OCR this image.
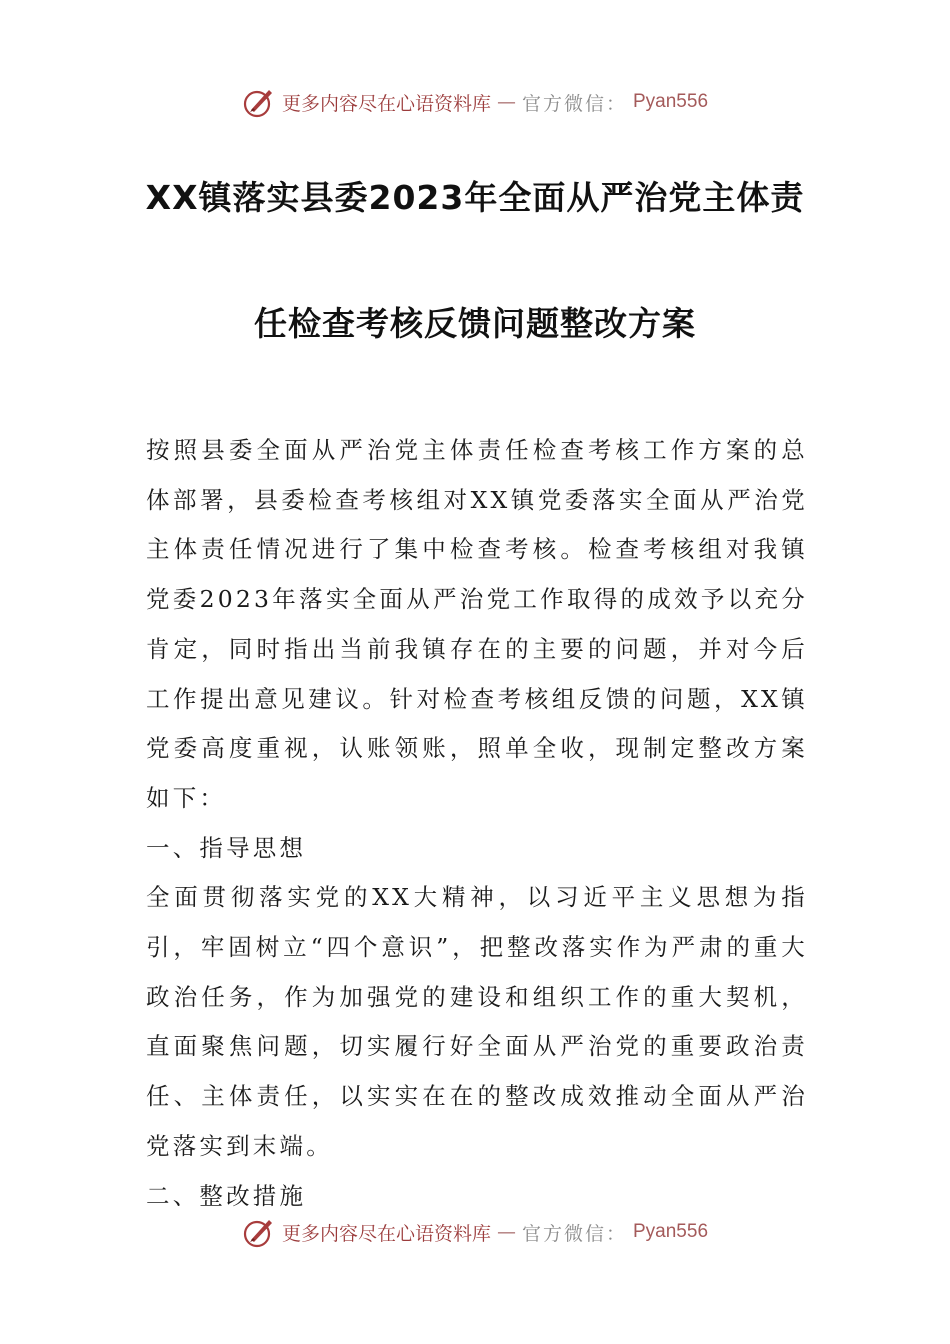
更多内容尽在心语资料库 — 官方微信： Pyan556
XX镇落实县委2023年全面从严治党主体责
任检查考核反馈问题整改方案

按照县委全面从严治党主体责任检查考核工作方案的总体部署，县委检查考核组对XX镇党委落实全面从严治党主体责任情况进行了集中检查考核。检查考核组对我镇党委2023年落实全面从严治党工作取得的成效予以充分肯定，同时指出当前我镇存在的主要的问题，并对今后工作提出意见建议。针对检查考核组反馈的问题，XX镇党委高度重视，认账领账，照单全收，现制定整改方案如下：

一、指导思想

全面贯彻落实党的XX大精神，以习近平主义思想为指引，牢固树立“四个意识”，把整改落实作为严肃的重大政治任务，作为加强党的建设和组织工作的重大契机，直面聚焦问题，切实履行好全面从严治党的重要政治责任、主体责任，以实实在在的整改成效推动全面从严治党落实到末端。

二、整改措施

更多内容尽在心语资料库 — 官方微信： Pyan556
